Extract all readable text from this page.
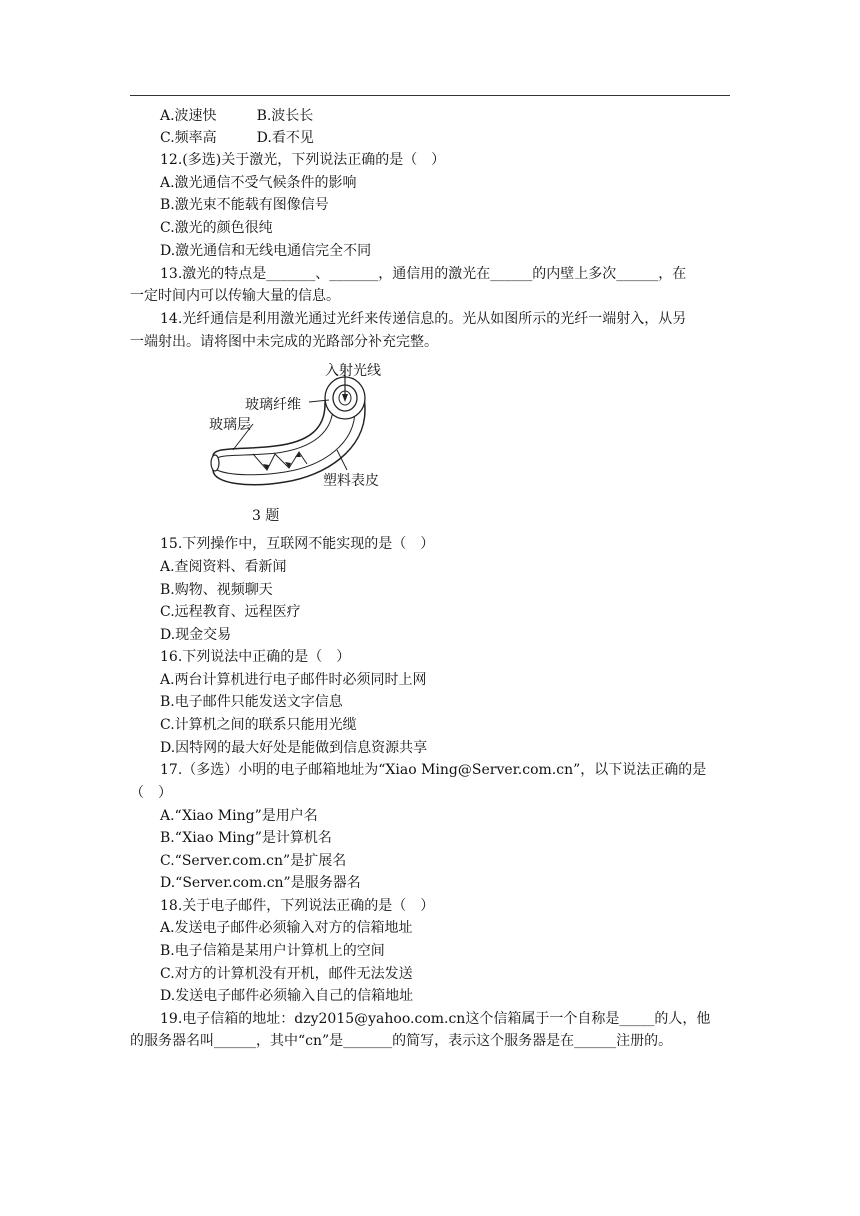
A.波速快	B.波长长
C.频率高	D.看不见
12.(多选)关于激光，下列说法正确的是（　）
A.激光通信不受气候条件的影响
B.激光束不能载有图像信号
C.激光的颜色很纯
D.激光通信和无线电通信完全不同
13.激光的特点是_______、_______，通信用的激光在______的内壁上多次______，在
一定时间内可以传输大量的信息。
14.光纤通信是利用激光通过光纤来传递信息的。光从如图所示的光纤一端射入，从另
一端射出。请将图中未完成的光路部分补充完整。
入射光线
玻璃纤维
玻璃层
塑料表皮
3 题
15.下列操作中，互联网不能实现的是（　）
A.查阅资料、看新闻
B.购物、视频聊天
C.远程教育、远程医疗
D.现金交易
16.下列说法中正确的是（　）
A.两台计算机进行电子邮件时必须同时上网
B.电子邮件只能发送文字信息
C.计算机之间的联系只能用光缆
D.因特网的最大好处是能做到信息资源共享
17.（多选）小明的电子邮箱地址为“Xiao Ming@Server.com.cn”，以下说法正确的是
（　）
A.“Xiao Ming”是用户名
B.“Xiao Ming”是计算机名
C.“Server.com.cn”是扩展名
D.“Server.com.cn”是服务器名
18.关于电子邮件，下列说法正确的是（　）
A.发送电子邮件必须输入对方的信箱地址
B.电子信箱是某用户计算机上的空间
C.对方的计算机没有开机，邮件无法发送
D.发送电子邮件必须输入自己的信箱地址
19.电子信箱的地址：dzy2015@yahoo.com.cn这个信箱属于一个自称是_____的人，他
的服务器名叫______，其中“cn”是_______的简写，表示这个服务器是在______注册的。
